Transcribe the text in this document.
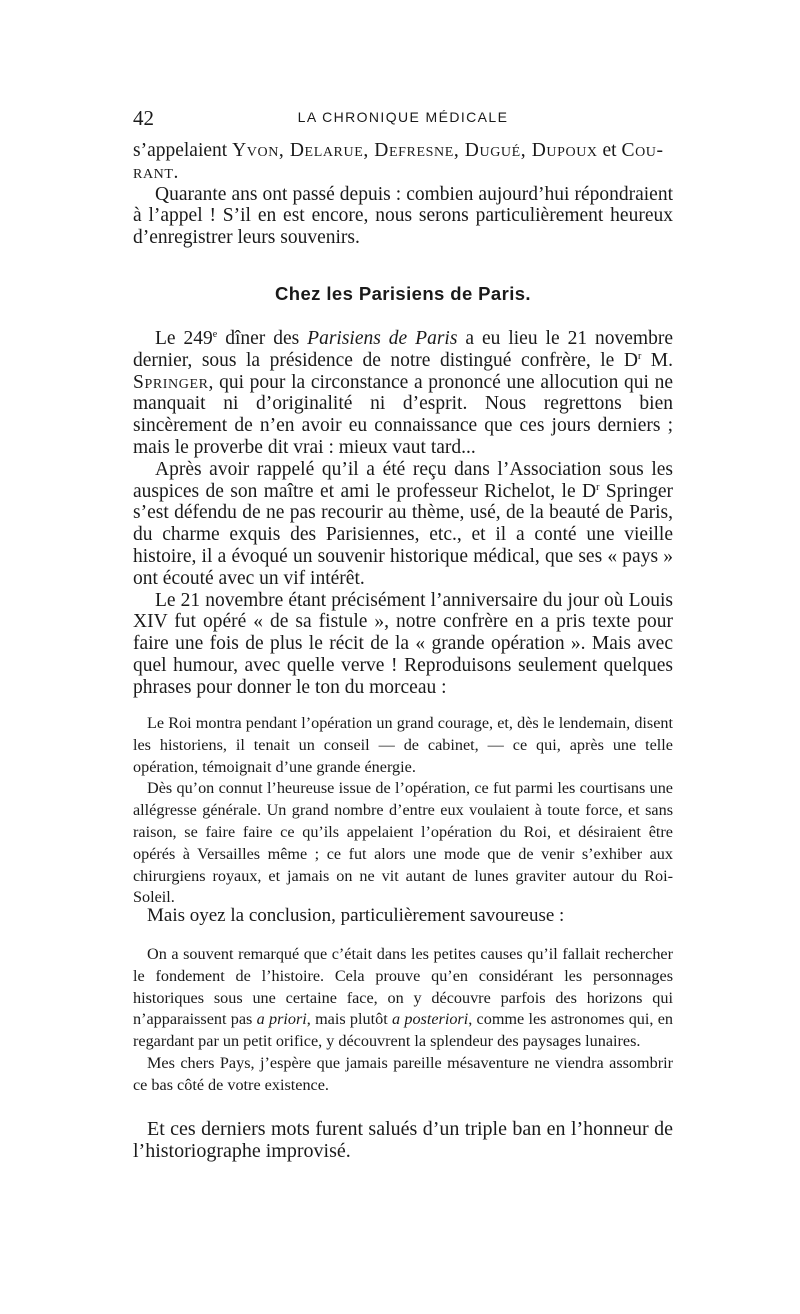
42	LA CHRONIQUE MÉDICALE

s’appelaient Yvon, Delarue, Defresne, Dugué, Dupoux et Cou-
rant.

Quarante ans ont passé depuis : combien aujourd’hui répondraient à l’appel ! S’il en est encore, nous serons particulièrement heureux d’enregistrer leurs souvenirs.

Chez les Parisiens de Paris.

Le 249e dîner des Parisiens de Paris a eu lieu le 21 novembre dernier, sous la présidence de notre distingué confrère, le $D^r$ M. Springer, qui pour la circonstance a prononcé une allocution qui ne manquait ni d’originalité ni d’esprit. Nous regrettons bien sincèrement de n’en avoir eu connaissance que ces jours derniers ; mais le proverbe dit vrai : mieux vaut tard...

Après avoir rappelé qu’il a été reçu dans l’Association sous les auspices de son maître et ami le professeur Richelot, le $D^r$ Springer s’est défendu de ne pas recourir au thème, usé, de la beauté de Paris, du charme exquis des Parisiennes, etc., et il a conté une vieille histoire, il a évoqué un souvenir historique médical, que ses « pays » ont écouté avec un vif intérêt.

Le 21 novembre étant précisément l’anniversaire du jour où Louis XIV fut opéré « de sa fistule », notre confrère en a pris texte pour faire une fois de plus le récit de la « grande opération ». Mais avec quel humour, avec quelle verve ! Reproduisons seulement quelques phrases pour donner le ton du morceau :

Le Roi montra pendant l’opération un grand courage, et, dès le lendemain, disent les historiens, il tenait un conseil — de cabinet, — ce qui, après une telle opération, témoignait d’une grande énergie.

Dès qu’on connut l’heureuse issue de l’opération, ce fut parmi les courtisans une allégresse générale. Un grand nombre d’entre eux voulaient à toute force, et sans raison, se faire faire ce qu’ils appelaient l’opération du Roi, et désiraient être opérés à Versailles même ; ce fut alors une mode que de venir s’exhiber aux chirurgiens royaux, et jamais on ne vit autant de lunes graviter autour du Roi-Soleil.

Mais oyez la conclusion, particulièrement savoureuse :

On a souvent remarqué que c’était dans les petites causes qu’il fallait rechercher le fondement de l’histoire. Cela prouve qu’en considérant les personnages historiques sous une certaine face, on y découvre parfois des horizons qui n’apparaissent pas a priori, mais plutôt a posteriori, comme les astronomes qui, en regardant par un petit orifice, y découvrent la splendeur des paysages lunaires.

Mes chers Pays, j’espère que jamais pareille mésaventure ne viendra assombrir ce bas côté de votre existence.

Et ces derniers mots furent salués d’un triple ban en l’honneur de l’historiographe improvisé.
